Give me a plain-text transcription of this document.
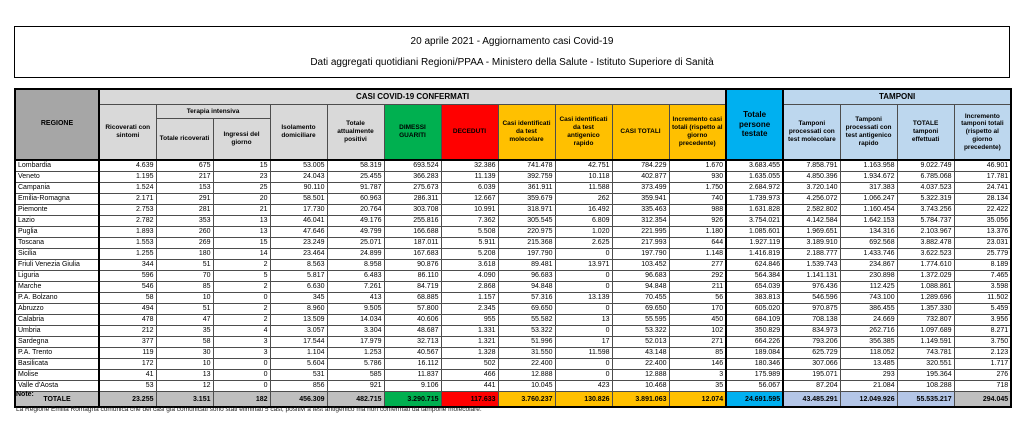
20 aprile 2021 - Aggiornamento casi Covid-19
Dati aggregati quotidiani Regioni/PPAA - Ministero della Salute - Istituto Superiore di Sanità
REGIONE	CASI COVID-19 CONFERMATI											Totale persone testate	TAMPONI			
	Ricoverati con sintomi	Terapia intensiva		Isolamento domiciliare	Totale attualmente positivi	DIMESSI GUARITI	DECEDUTI	Casi identificati da test molecolare	Casi identificati da test antigenico rapido	CASI TOTALI	Incremento casi totali (rispetto al giorno precedente)		Tamponi processati con test molecolare	Tamponi processati con test antigenico rapido	TOTALE tamponi effettuati	Incremento tamponi totali (rispetto al giorno precedente)
		Totale ricoverati	Ingressi del giorno													
Lombardia	4.639	675	15	53.005	58.319	693.524	32.386	741.478	42.751	784.229	1.670	3.683.455	7.858.791	1.163.958	9.022.749	46.901
Veneto	1.195	217	23	24.043	25.455	366.283	11.139	392.759	10.118	402.877	930	1.635.055	4.850.396	1.934.672	6.785.068	17.781
Campania	1.524	153	25	90.110	91.787	275.673	6.039	361.911	11.588	373.499	1.750	2.684.972	3.720.140	317.383	4.037.523	24.741
Emilia-Romagna	2.171	291	20	58.501	60.963	286.311	12.667	359.679	262	359.941	740	1.739.973	4.256.072	1.066.247	5.322.319	28.134
Piemonte	2.753	281	21	17.730	20.764	303.708	10.991	318.971	16.492	335.463	988	1.631.828	2.582.802	1.160.454	3.743.256	22.422
Lazio	2.782	353	13	46.041	49.176	255.816	7.362	305.545	6.809	312.354	926	3.754.021	4.142.584	1.642.153	5.784.737	35.056
Puglia	1.893	260	13	47.646	49.799	166.688	5.508	220.975	1.020	221.995	1.180	1.085.601	1.969.651	134.316	2.103.967	13.376
Toscana	1.553	269	15	23.249	25.071	187.011	5.911	215.368	2.625	217.993	644	1.927.119	3.189.910	692.568	3.882.478	23.031
Sicilia	1.255	180	14	23.464	24.899	167.683	5.208	197.790	0	197.790	1.148	1.416.819	2.188.777	1.433.746	3.622.523	25.779
Friuli Venezia Giulia	344	51	2	8.563	8.958	90.876	3.618	89.481	13.971	103.452	277	624.846	1.539.743	234.867	1.774.610	8.189
Liguria	596	70	5	5.817	6.483	86.110	4.090	96.683	0	96.683	292	564.384	1.141.131	230.898	1.372.029	7.465
Marche	546	85	2	6.630	7.261	84.719	2.868	94.848	0	94.848	211	654.039	976.436	112.425	1.088.861	3.598
P.A. Bolzano	58	10	0	345	413	68.885	1.157	57.316	13.139	70.455	56	383.813	546.596	743.100	1.289.696	11.502
Abruzzo	494	51	2	8.960	9.505	57.800	2.345	69.650	0	69.650	170	605.020	970.875	386.455	1.357.330	5.459
Calabria	478	47	2	13.509	14.034	40.606	955	55.582	13	55.595	450	684.109	708.138	24.669	732.807	3.956
Umbria	212	35	4	3.057	3.304	48.687	1.331	53.322	0	53.322	102	350.829	834.973	262.716	1.097.689	8.271
Sardegna	377	58	3	17.544	17.979	32.713	1.321	51.996	17	52.013	271	664.226	793.206	356.385	1.149.591	3.750
P.A. Trento	119	30	3	1.104	1.253	40.567	1.328	31.550	11.598	43.148	85	189.084	625.729	118.052	743.781	2.123
Basilicata	172	10	0	5.604	5.786	16.112	502	22.400	0	22.400	146	180.346	307.066	13.485	320.551	1.717
Molise	41	13	0	531	585	11.837	466	12.888	0	12.888	3	175.989	195.071	293	195.364	276
Valle d'Aosta	53	12	0	856	921	9.106	441	10.045	423	10.468	35	56.067	87.204	21.084	108.288	718
TOTALE	23.255	3.151	182	456.309	482.715	3.290.715	117.633	3.760.237	130.826	3.891.063	12.074	24.691.595	43.485.291	12.049.926	55.535.217	294.045
Note:
La Regione Emilia Romagna comunica che dei casi già comunicati sono stati eliminati 5 casi, positivi a test antigenico ma non confermati da tampone molecolare.
